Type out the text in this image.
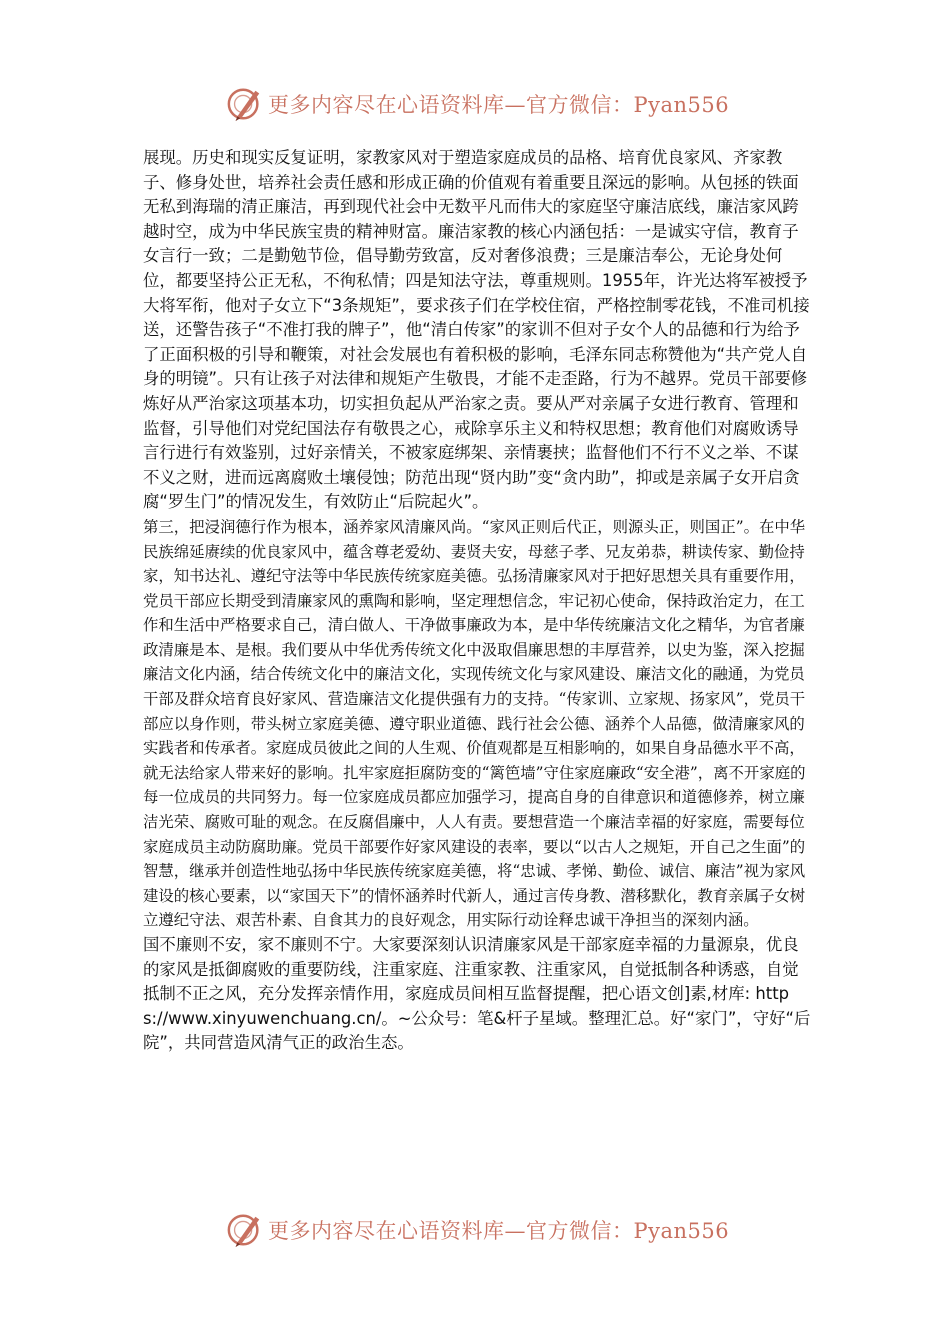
更多内容尽在心语资料库—官方微信：Pyan556

展现。历史和现实反复证明，家教家风对于塑造家庭成员的品格、培育优良家风、齐家教子、修身处世，培养社会责任感和形成正确的价值观有着重要且深远的影响。从包拯的铁面无私到海瑞的清正廉洁，再到现代社会中无数平凡而伟大的家庭坚守廉洁底线，廉洁家风跨越时空，成为中华民族宝贵的精神财富。廉洁家教的核心内涵包括：一是诚实守信，教育子女言行一致；二是勤勉节俭，倡导勤劳致富，反对奢侈浪费；三是廉洁奉公，无论身处何位，都要坚持公正无私，不徇私情；四是知法守法，尊重规则。1955年，许光达将军被授予大将军衔，他对子女立下“3条规矩”，要求孩子们在学校住宿，严格控制零花钱，不准司机接送，还警告孩子“不准打我的牌子”，他“清白传家”的家训不但对子女个人的品德和行为给予了正面积极的引导和鞭策，对社会发展也有着积极的影响，毛泽东同志称赞他为“共产党人自身的明镜”。只有让孩子对法律和规矩产生敬畏，才能不走歪路，行为不越界。党员干部要修炼好从严治家这项基本功，切实担负起从严治家之责。要从严对亲属子女进行教育、管理和监督，引导他们对党纪国法存有敬畏之心，戒除享乐主义和特权思想；教育他们对腐败诱导言行进行有效鉴别，过好亲情关，不被家庭绑架、亲情裹挟；监督他们不行不义之举、不谋不义之财，进而远离腐败土壤侵蚀；防范出现“贤内助”变“贪内助”，抑或是亲属子女开启贪腐“罗生门”的情况发生，有效防止“后院起火”。

第三，把浸润德行作为根本，涵养家风清廉风尚。“家风正则后代正，则源头正，则国正”。在中华民族绵延赓续的优良家风中，蕴含尊老爱幼、妻贤夫安，母慈子孝、兄友弟恭，耕读传家、勤俭持家，知书达礼、遵纪守法等中华民族传统家庭美德。弘扬清廉家风对于把好思想关具有重要作用，党员干部应长期受到清廉家风的熏陶和影响，坚定理想信念，牢记初心使命，保持政治定力，在工作和生活中严格要求自己，清白做人、干净做事廉政为本，是中华传统廉洁文化之精华，为官者廉政清廉是本、是根。我们要从中华优秀传统文化中汲取倡廉思想的丰厚营养，以史为鉴，深入挖掘廉洁文化内涵，结合传统文化中的廉洁文化，实现传统文化与家风建设、廉洁文化的融通，为党员干部及群众培育良好家风、营造廉洁文化提供强有力的支持。“传家训、立家规、扬家风”，党员干部应以身作则，带头树立家庭美德、遵守职业道德、践行社会公德、涵养个人品德，做清廉家风的实践者和传承者。家庭成员彼此之间的人生观、价值观都是互相影响的，如果自身品德水平不高，就无法给家人带来好的影响。扎牢家庭拒腐防变的“篱笆墙”守住家庭廉政“安全港”，离不开家庭的每一位成员的共同努力。每一位家庭成员都应加强学习，提高自身的自律意识和道德修养，树立廉洁光荣、腐败可耻的观念。在反腐倡廉中，人人有责。要想营造一个廉洁幸福的好家庭，需要每位家庭成员主动防腐助廉。党员干部要作好家风建设的表率，要以“以古人之规矩，开自己之生面”的智慧，继承并创造性地弘扬中华民族传统家庭美德，将“忠诚、孝悌、勤俭、诚信、廉洁”视为家风建设的核心要素，以“家国天下”的情怀涵养时代新人，通过言传身教、潜移默化，教育亲属子女树立遵纪守法、艰苦朴素、自食其力的良好观念，用实际行动诠释忠诚干净担当的深刻内涵。

国不廉则不安，家不廉则不宁。大家要深刻认识清廉家风是干部家庭幸福的力量源泉，优良的家风是抵御腐败的重要防线，注重家庭、注重家教、注重家风，自觉抵制各种诱惑，自觉抵制不正之风，充分发挥亲情作用，家庭成员间相互监督提醒，把心语文创]素,材库: https://www.xinyuwenchuang.cn/。~公众号：笔&杆子星域。整理汇总。好“家门”，守好“后院”，共同营造风清气正的政治生态。

更多内容尽在心语资料库—官方微信：Pyan556
